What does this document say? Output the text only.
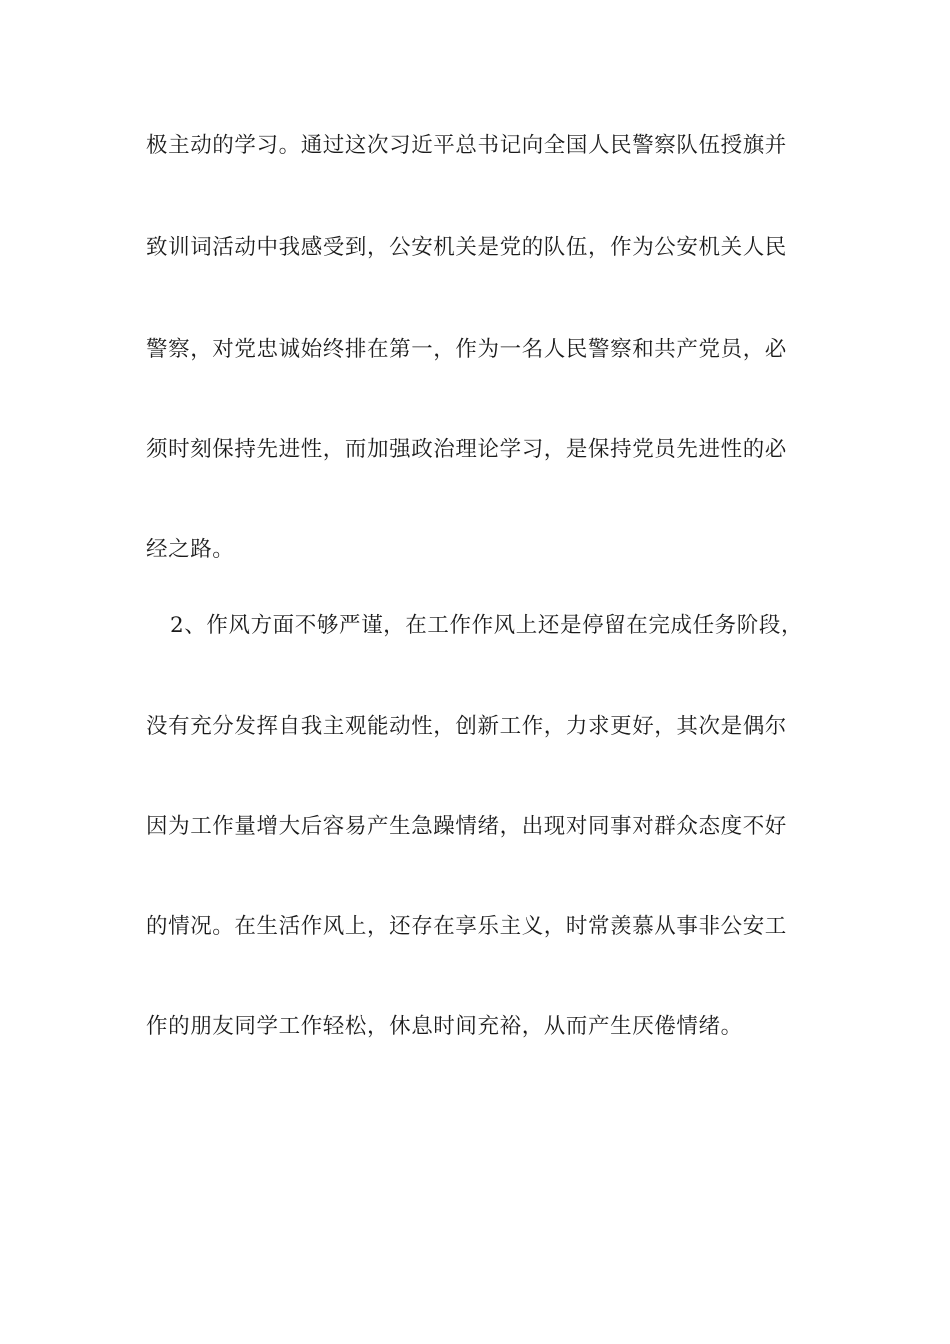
极主动的学习。通过这次习近平总书记向全国人民警察队伍授旗并
致训词活动中我感受到，公安机关是党的队伍，作为公安机关人民
警察，对党忠诚始终排在第一，作为一名人民警察和共产党员，必
须时刻保持先进性，而加强政治理论学习，是保持党员先进性的必
经之路。
2、作风方面不够严谨，在工作作风上还是停留在完成任务阶段，
没有充分发挥自我主观能动性，创新工作，力求更好，其次是偶尔
因为工作量增大后容易产生急躁情绪，出现对同事对群众态度不好
的情况。在生活作风上，还存在享乐主义，时常羡慕从事非公安工
作的朋友同学工作轻松，休息时间充裕，从而产生厌倦情绪。
